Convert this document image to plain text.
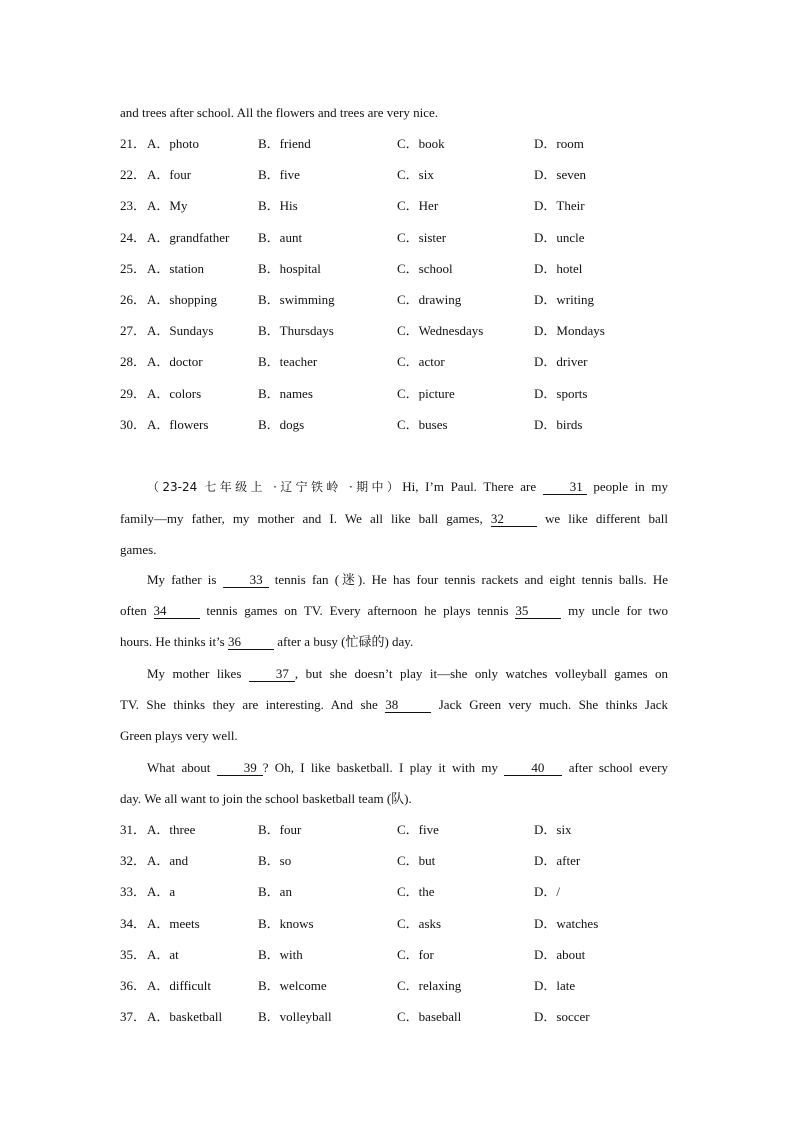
and trees after school. All the flowers and trees are very nice.
21． A．photo	B．friend	C．book	D．room
22． A．four	B．five	C．six	D．seven
23． A．My	B．His	C．Her	D．Their
24． A．grandfather B．aunt	C．sister	D．uncle
25． A．station	B．hospital	C．school	D．hotel
26． A．shopping	B．swimming	C．drawing	D．writing
27． A．Sundays	B．Thursdays	C．Wednesdays	D．Mondays
28． A．doctor	B．teacher	C．actor	D．driver
29． A．colors	B．names	C．picture	D．sports
30． A．flowers	B．dogs	C．buses	D．birds
（23-24 七年级上 ·辽宁铁岭 ·期中）Hi, I’m Paul. There are 31 people in my
family—my father, my mother and I. We all like ball games, 32	we like different ball
games.
My father is 33 tennis fan (迷). He has four tennis rackets and eight tennis balls. He
often 34	tennis games on TV. Every afternoon he plays tennis 35	my uncle for two
hours. He thinks it’s 36	after a busy (忙碌的) day.
My mother likes 37 , but she doesn’t play it—she only watches volleyball games on
TV. She thinks they are interesting. And she 38	Jack Green very much. She thinks Jack
Green plays very well.
What about 39 ? Oh, I like basketball. I play it with my 40 after school every
day. We all want to join the school basketball team (队).
31． A．three	B．four	C．five	D．six
32． A．and	B．so	C．but	D．after
33． A．a	B．an	C．the	D．/
34． A．meets	B．knows	C．asks	D．watches
35． A．at	B．with	C．for	D．about
36． A．difficult	B．welcome	C．relaxing	D．late
37． A．basketball	B．volleyball	C．baseball	D．soccer
